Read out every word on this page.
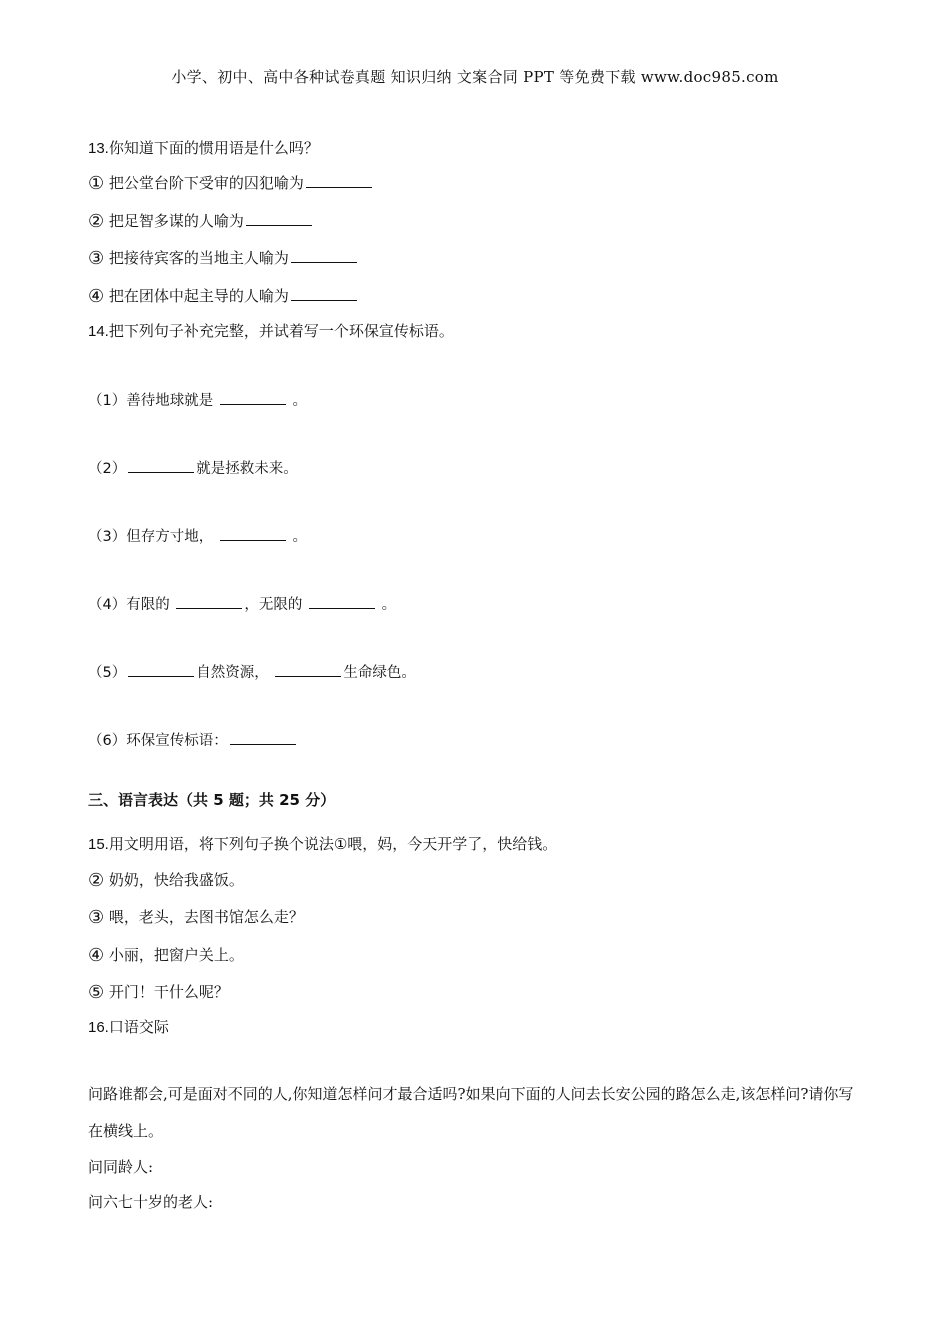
小学、初中、高中各种试卷真题 知识归纳 文案合同 PPT 等免费下载 www.doc985.com
13.你知道下面的惯用语是什么吗？
① 把公堂台阶下受审的囚犯喻为
② 把足智多谋的人喻为
③ 把接待宾客的当地主人喻为
④ 把在团体中起主导的人喻为
14.把下列句子补充完整，并试着写一个环保宣传标语。
（1）善待地球就是	。
（2）	就是拯救未来。
（3）但存方寸地，	。
（4）有限的	，无限的	。
（5）	自然资源，	生命绿色。
（6）环保宣传标语：
三、语言表达（共 5 题；共 25 分）
15.用文明用语，将下列句子换个说法①喂，妈，今天开学了，快给钱。
② 奶奶，快给我盛饭。
③ 喂，老头，去图书馆怎么走？
④ 小丽，把窗户关上。
⑤ 开门！干什么呢？
16.口语交际
问路谁都会,可是面对不同的人,你知道怎样问才最合适吗?如果向下面的人问去长安公园的路怎么走,该怎样问?请你写在横线上。
问同龄人:
问六七十岁的老人:
